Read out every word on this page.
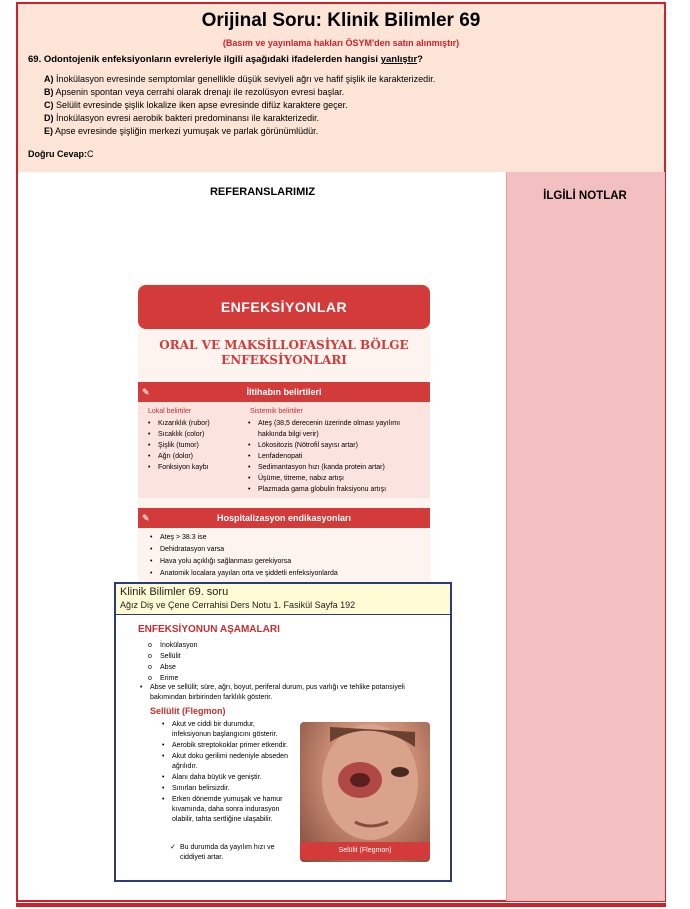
Orijinal Soru: Klinik Bilimler 69
(Basım ve yayınlama hakları ÖSYM'den satın alınmıştır)
69. Odontojenik enfeksiyonların evreleriyle ilgili aşağıdaki ifadelerden hangisi yanlıştır?
A) İnokülasyon evresinde semptomlar genellikle düşük seviyeli ağrı ve hafif şişlik ile karakterizedir.
B) Apsenin spontan veya cerrahi olarak drenajı ile rezolüsyon evresi başlar.
C) Selülit evresinde şişlik lokalize iken apse evresinde difüz karaktere geçer.
D) İnokülasyon evresi aerobik bakteri predominansı ile karakterizedir.
E) Apse evresinde şişliğin merkezi yumuşak ve parlak görünümlüdür.
Doğru Cevap:C
İLGİLİ NOTLAR
REFERANSLARIMIZ
ENFEKSİYONLAR
ORAL VE MAKSİLLOFASİYAL BÖLGE
ENFEKSİYONLARI
✎	İltihabın belirtileri
Lokal belirtiler	Sistemik belirtiler
• Kızarıklık (rubor)
• Sıcaklık (color)
• Şişlik (tumor)
• Ağrı (dolor)
• Fonksiyon kaybı
• Ateş (38,5 derecenin üzerinde olması yayılımı hakkında bilgi verir)
• Lökositozis (Nötrofil sayısı artar)
• Lenfadenopati
• Sedimantasyon hızı (kanda protein artar)
• Üşüme, titreme, nabız artışı
• Plazmada gama globulin fraksiyonu artışı
✎	Hospitalizasyon endikasyonları
• Ateş > 38.3 ise
• Dehidratasyon varsa
• Hava yolu açıklığı sağlanması gerekiyorsa
• Anatomik localara yayılan orta ve şiddetli enfeksiyonlarda
Klinik Bilimler 69. soru
Ağız Diş ve Çene Cerrahisi Ders Notu 1. Fasikül Sayfa 192
ENFEKSİYONUN AŞAMALARI
o İnokülasyon
o Sellülit
o Abse
o Erime
• Abse ve sellülit; süre, ağrı, boyut, periferal durum, pus varlığı ve tehlike potansiyeli bakımından birbirinden farklılık gösterir.
Sellülit (Flegmon)
• Akut ve ciddi bir durumdur, infeksiyonun başlangıcını gösterir.
• Aerobik streptokoklar primer etkendir.
• Akut doku gerilimi nedeniyle abseden ağrılıdır.
• Alanı daha büyük ve geniştir.
• Sınırları belirsizdir.
• Erken dönemde yumuşak ve hamur kıvamında, daha sonra indurasyon olabilir, tahta sertliğine ulaşabilir.
✓ Bu durumda da yayılım hızı ve ciddiyeti artar.
Selülit (Flegmon)
